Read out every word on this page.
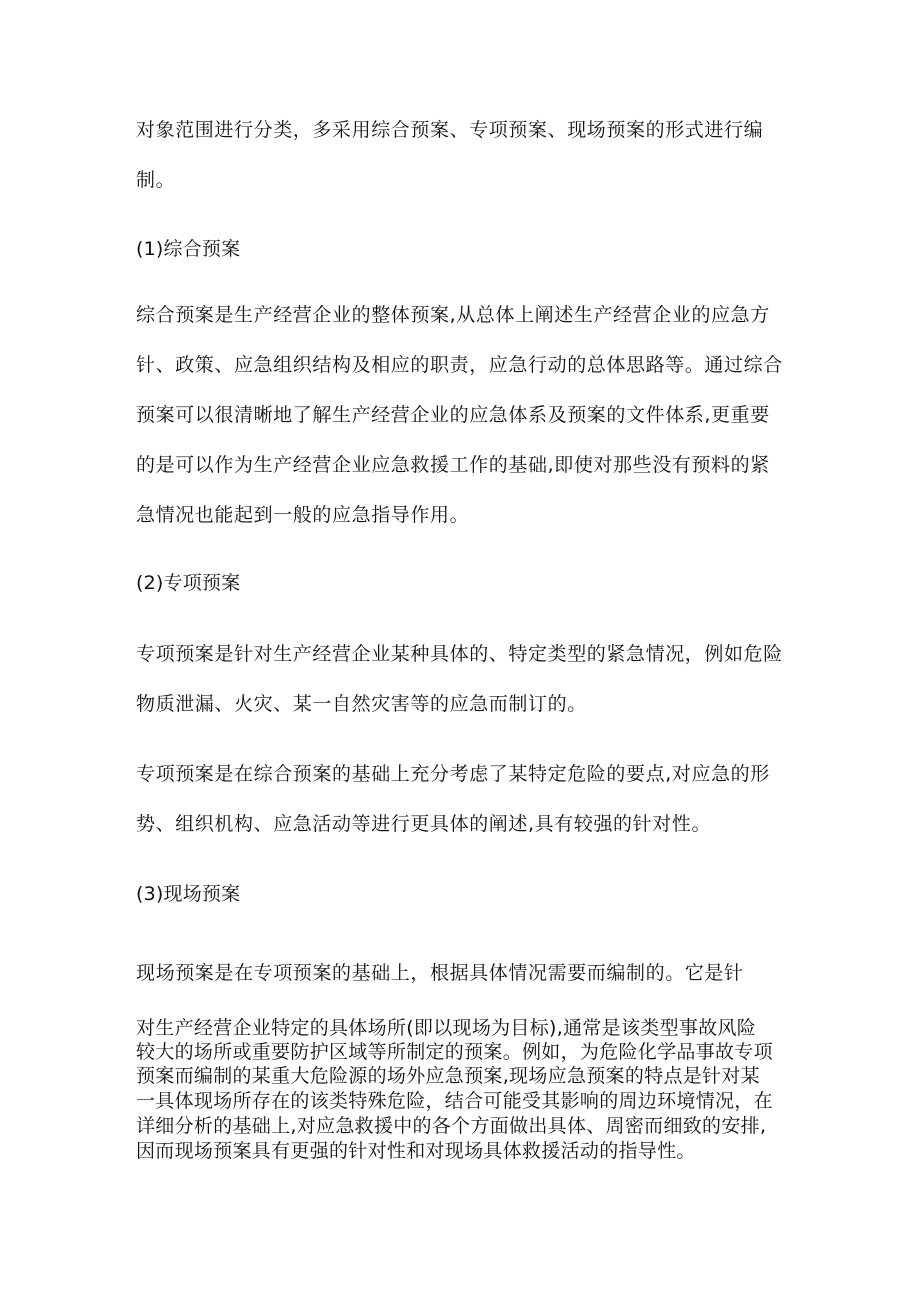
对象范围进行分类，多采用综合预案、专项预案、现场预案的形式进行编
制。
(1)综合预案
综合预案是生产经营企业的整体预案,从总体上阐述生产经营企业的应急方
针、政策、应急组织结构及相应的职责，应急行动的总体思路等。通过综合
预案可以很清晰地了解生产经营企业的应急体系及预案的文件体系,更重要
的是可以作为生产经营企业应急救援工作的基础,即使对那些没有预料的紧
急情况也能起到一般的应急指导作用。
(2)专项预案
专项预案是针对生产经营企业某种具体的、特定类型的紧急情况，例如危险
物质泄漏、火灾、某一自然灾害等的应急而制订的。
专项预案是在综合预案的基础上充分考虑了某特定危险的要点,对应急的形
势、组织机构、应急活动等进行更具体的阐述,具有较强的针对性。
(3)现场预案
现场预案是在专项预案的基础上，根据具体情况需要而编制的。它是针
对生产经营企业特定的具体场所(即以现场为目标),通常是该类型事故风险
较大的场所或重要防护区域等所制定的预案。例如，为危险化学品事故专项
预案而编制的某重大危险源的场外应急预案,现场应急预案的特点是针对某
一具体现场所存在的该类特殊危险，结合可能受其影响的周边环境情况，在
详细分析的基础上,对应急救援中的各个方面做出具体、周密而细致的安排,
因而现场预案具有更强的针对性和对现场具体救援活动的指导性。
